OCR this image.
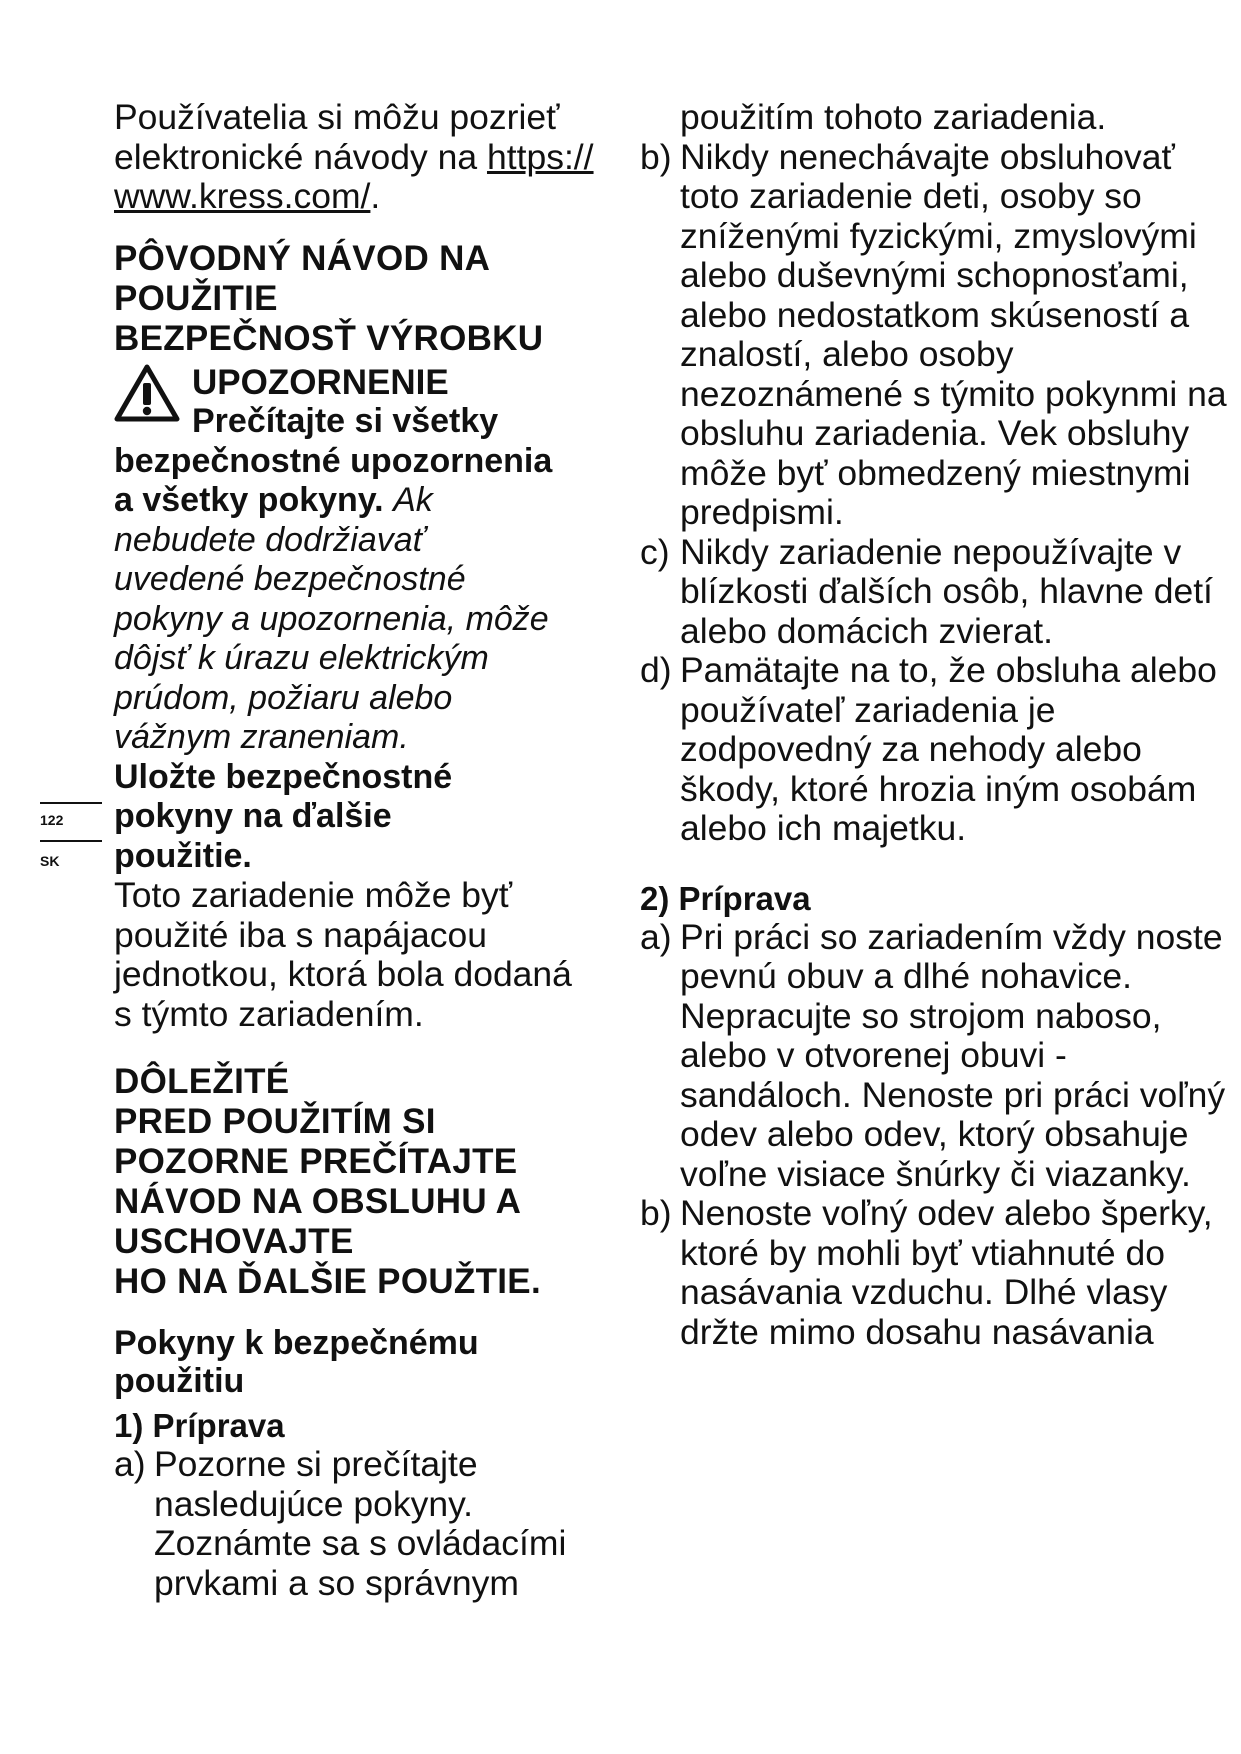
122
SK

Používatelia si môžu pozrieť
elektronické návody na https://
www.kress.com/.

PÔVODNÝ NÁVOD NA POUŽITIE
BEZPEČNOSŤ VÝROBKU
UPOZORNENIE
Prečítajte si všetky bezpečnostné upozornenia a všetky pokyny. Ak nebudete dodržiavať uvedené bezpečnostné pokyny a upozornenia, môže dôjsť k úrazu elektrickým prúdom, požiaru alebo vážnym zraneniam.
Uložte bezpečnostné pokyny na ďalšie použitie.

Toto zariadenie môže byť použité iba s napájacou jednotkou, ktorá bola dodaná s týmto zariadením.

DÔLEŽITÉ
PRED POUŽITÍM SI POZORNE PREČÍTAJTE NÁVOD NA OBSLUHU A USCHOVAJTE
HO NA ĎALŠIE POUŽTIE.
Pokyny k bezpečnému použitiu
1) Príprava
a) Pozorne si prečítajte nasledujúce pokyny. Zoznámte sa s ovládacími prvkami a so správnym
použitím tohoto zariadenia.
b) Nikdy nenechávajte obsluhovať toto zariadenie deti, osoby so zníženými fyzickými, zmyslovými alebo duševnými schopnosťami, alebo nedostatkom skúseností a znalostí, alebo osoby nezoznámené s týmito pokynmi na obsluhu zariadenia. Vek obsluhy môže byť obmedzený miestnymi predpismi.
c) Nikdy zariadenie nepoužívajte v blízkosti ďalších osôb, hlavne detí alebo domácich zvierat.
d) Pamätajte na to, že obsluha alebo používateľ zariadenia je zodpovedný za nehody alebo škody, ktoré hrozia iným osobám alebo ich majetku.
2) Príprava
a) Pri práci so zariadením vždy noste pevnú obuv a dlhé nohavice. Nepracujte so strojom naboso, alebo v otvorenej obuvi - sandáloch. Nenoste pri práci voľný odev alebo odev, ktorý obsahuje voľne visiace šnúrky či viazanky.
b) Nenoste voľný odev alebo šperky, ktoré by mohli byť vtiahnuté do nasávania vzduchu. Dlhé vlasy držte mimo dosahu nasávania
